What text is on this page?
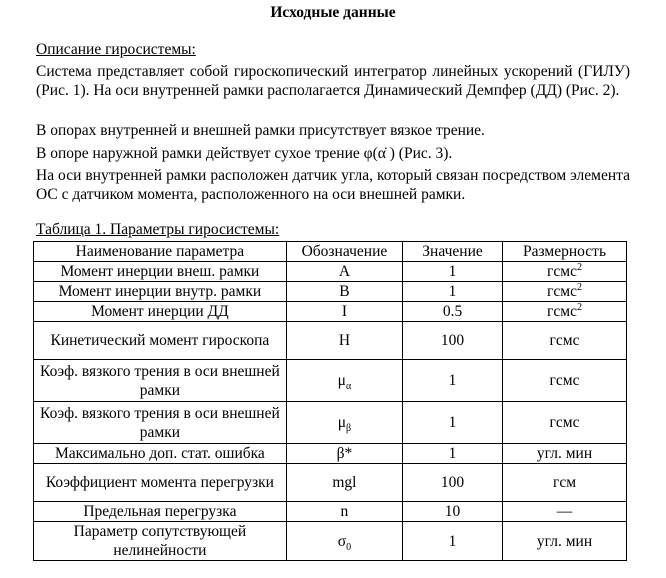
Исходные данные
Описание гиросистемы:
Система представляет собой гироскопический интегратор линейных ускорений (ГИЛУ) (Рис. 1). На оси внутренней рамки располагается Динамический Демпфер (ДД) (Рис. 2).
В опорах внутренней и внешней рамки присутствует вязкое трение.
В опоре наружной рамки действует сухое трение φ(α̇ ) (Рис. 3).
На оси внутренней рамки расположен датчик угла, который связан посредством элемента ОС с датчиком момента, расположенного на оси внешней рамки.
Таблица 1. Параметры гиросистемы:
Наименование параметра	Обозначение	Значение	Размерность
Момент инерции внеш. рамки	A	1	гсмс$^2$
Момент инерции внутр. рамки	B	1	гсмс$^2$
Момент инерции ДД	I	0.5	гсмс$^2$
Кинетический момент гироскопа	H	100	гсмс
Коэф. вязкого трения в оси внешней рамки	$\mu_\alpha$	1	гсмс
Коэф. вязкого трения в оси внешней рамки	$\mu_\beta$	1	гсмс
Максимально доп. стат. ошибка	β*	1	угл. мин
Коэффициент момента перегрузки	mgl	100	гсм
Предельная перегрузка	n	10	—
Параметр сопутствующей нелинейности	$\sigma_0$	1	угл. мин
